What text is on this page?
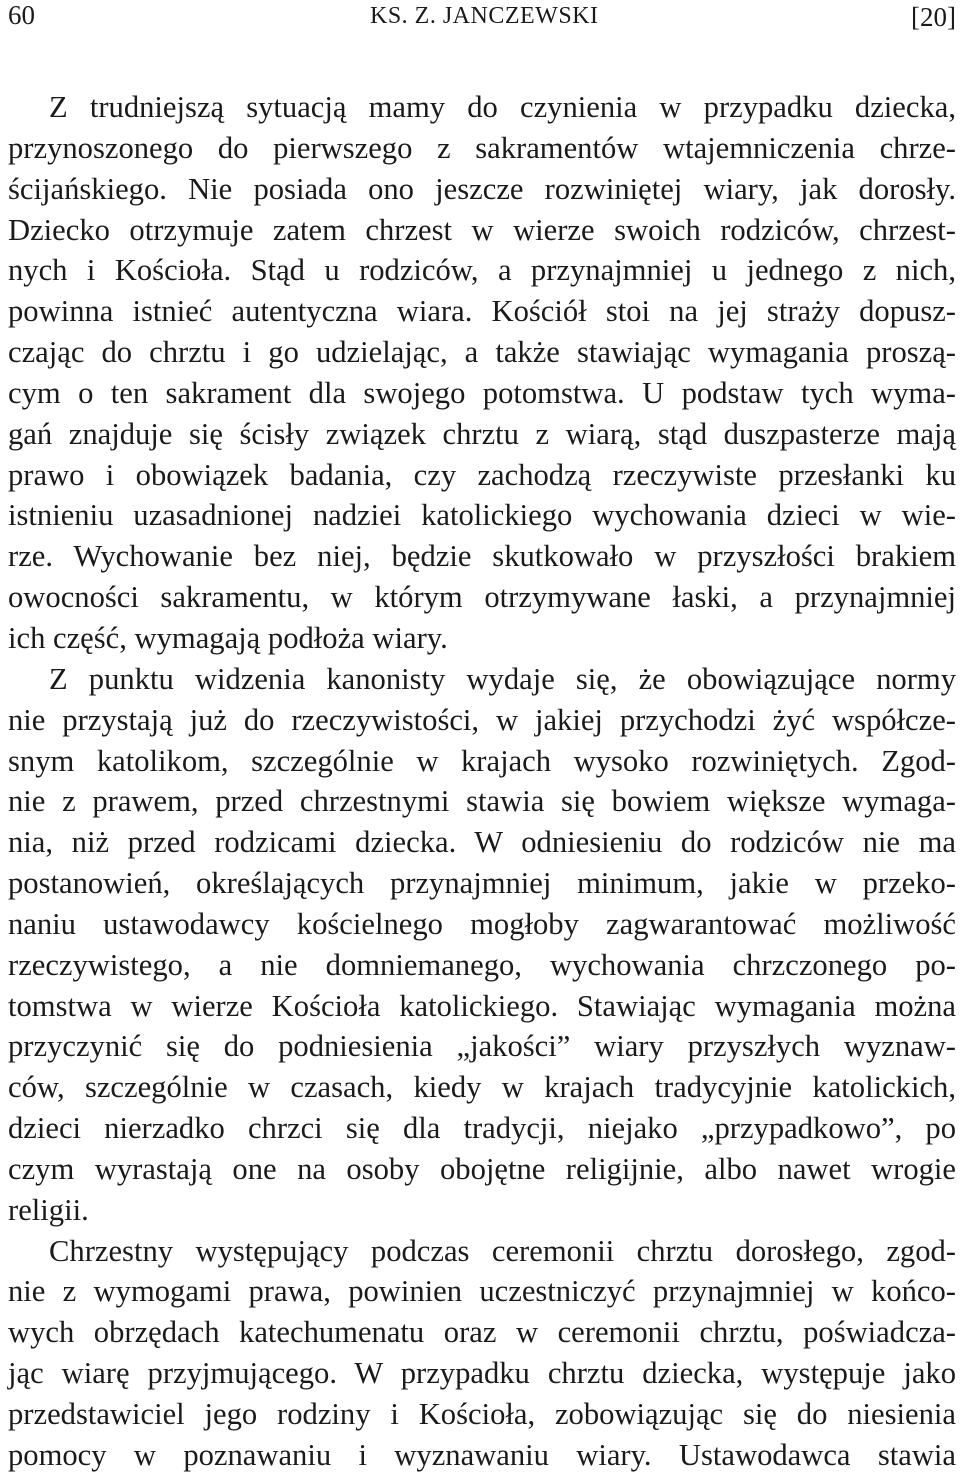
60	KS. Z. JANCZEWSKI	[20]
Z trudniejszą sytuacją mamy do czynienia w przypadku dziecka,
przynoszonego do pierwszego z sakramentów wtajemniczenia chrze-
ścijańskiego. Nie posiada ono jeszcze rozwiniętej wiary, jak dorosły.
Dziecko otrzymuje zatem chrzest w wierze swoich rodziców, chrzest-
nych i Kościoła. Stąd u rodziców, a przynajmniej u jednego z nich,
powinna istnieć autentyczna wiara. Kościół stoi na jej straży dopusz-
czając do chrztu i go udzielając, a także stawiając wymagania proszą-
cym o ten sakrament dla swojego potomstwa. U podstaw tych wyma-
gań znajduje się ścisły związek chrztu z wiarą, stąd duszpasterze mają
prawo i obowiązek badania, czy zachodzą rzeczywiste przesłanki ku
istnieniu uzasadnionej nadziei katolickiego wychowania dzieci w wie-
rze. Wychowanie bez niej, będzie skutkowało w przyszłości brakiem
owocności sakramentu, w którym otrzymywane łaski, a przynajmniej
ich część, wymagają podłoża wiary.
Z punktu widzenia kanonisty wydaje się, że obowiązujące normy
nie przystają już do rzeczywistości, w jakiej przychodzi żyć współcze-
snym katolikom, szczególnie w krajach wysoko rozwiniętych. Zgod-
nie z prawem, przed chrzestnymi stawia się bowiem większe wymaga-
nia, niż przed rodzicami dziecka. W odniesieniu do rodziców nie ma
postanowień, określających przynajmniej minimum, jakie w przeko-
naniu ustawodawcy kościelnego mogłoby zagwarantować możliwość
rzeczywistego, a nie domniemanego, wychowania chrzczonego po-
tomstwa w wierze Kościoła katolickiego. Stawiając wymagania można
przyczynić się do podniesienia „jakości” wiary przyszłych wyznaw-
ców, szczególnie w czasach, kiedy w krajach tradycyjnie katolickich,
dzieci nierzadko chrzci się dla tradycji, niejako „przypadkowo”, po
czym wyrastają one na osoby obojętne religijnie, albo nawet wrogie
religii.
Chrzestny występujący podczas ceremonii chrztu dorosłego, zgod-
nie z wymogami prawa, powinien uczestniczyć przynajmniej w końco-
wych obrzędach katechumenatu oraz w ceremonii chrztu, poświadcza-
jąc wiarę przyjmującego. W przypadku chrztu dziecka, występuje jako
przedstawiciel jego rodziny i Kościoła, zobowiązując się do niesienia
pomocy w poznawaniu i wyznawaniu wiary. Ustawodawca stawia
